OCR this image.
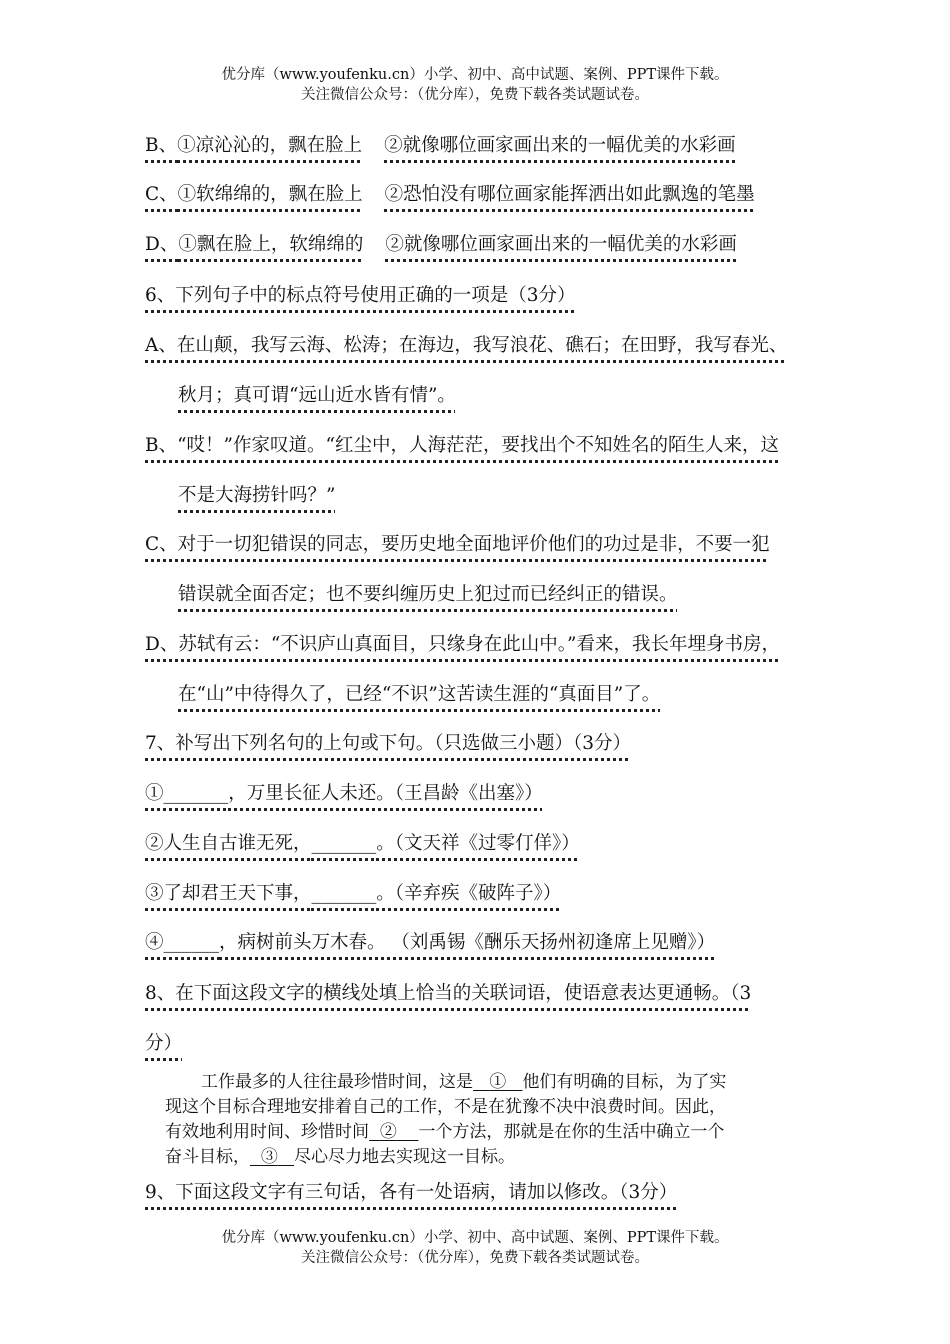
优分库（www.youfenku.cn）小学、初中、高中试题、案例、PPT课件下载。
关注微信公众号：（优分库），免费下载各类试题试卷。
B、①凉沁沁的，飘在脸上 ②就像哪位画家画出来的一幅优美的水彩画
C、①软绵绵的，飘在脸上 ②恐怕没有哪位画家能挥洒出如此飘逸的笔墨
D、①飘在脸上，软绵绵的 ②就像哪位画家画出来的一幅优美的水彩画
6、下列句子中的标点符号使用正确的一项是（3分）
A、在山颠，我写云海、松涛；在海边，我写浪花、礁石；在田野，我写春光、
秋月；真可谓“远山近水皆有情”。
B、“哎！”作家叹道。“红尘中，人海茫茫，要找出个不知姓名的陌生人来，这
不是大海捞针吗？”
C、对于一切犯错误的同志，要历史地全面地评价他们的功过是非，不要一犯
错误就全面否定；也不要纠缠历史上犯过而已经纠正的错误。
D、苏轼有云：“不识庐山真面目，只缘身在此山中。”看来，我长年埋身书房，
在“山”中待得久了，已经“不识”这苦读生涯的“真面目”了。
7、补写出下列名句的上句或下句。（只选做三小题）（3分）
①_______，万里长征人未还。（王昌龄《出塞》）
②人生自古谁无死，_______。（文天祥《过零仃佯》）
③了却君王天下事，_______。（辛弃疾《破阵子》）
④______，病树前头万木春。 （刘禹锡《酬乐天扬州初逢席上见赠》）
8、在下面这段文字的横线处填上恰当的关联词语，使语意表达更通畅。（3
分）
工作最多的人往往最珍惜时间，这是 ① 他们有明确的目标，为了实
现这个目标合理地安排着自己的工作，不是在犹豫不决中浪费时间。因此，
有效地利用时间、珍惜时间 ② 一个方法，那就是在你的生活中确立一个
奋斗目标， ③ 尽心尽力地去实现这一目标。
9、下面这段文字有三句话，各有一处语病，请加以修改。（3分）
优分库（www.youfenku.cn）小学、初中、高中试题、案例、PPT课件下载。
关注微信公众号：（优分库），免费下载各类试题试卷。
